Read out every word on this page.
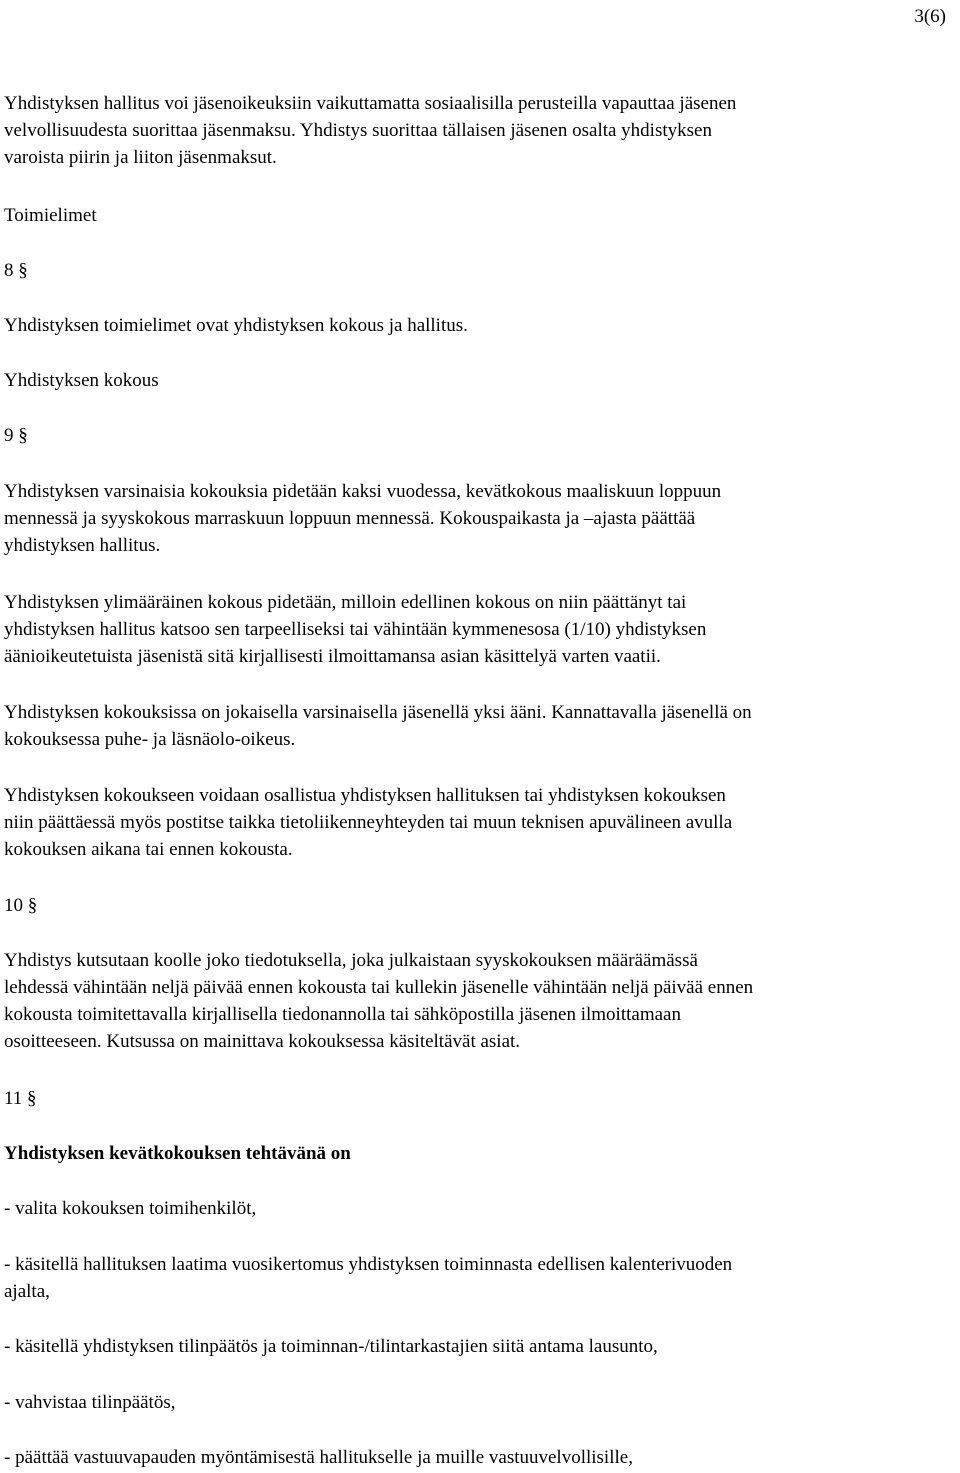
3(6)

Yhdistyksen hallitus voi jäsenoikeuksiin vaikuttamatta sosiaalisilla perusteilla vapauttaa jäsenen
velvollisuudesta suorittaa jäsenmaksu. Yhdistys suorittaa tällaisen jäsenen osalta yhdistyksen
varoista piirin ja liiton jäsenmaksut.

Toimielimet

8 §

Yhdistyksen toimielimet ovat yhdistyksen kokous ja hallitus.

Yhdistyksen kokous

9 §

Yhdistyksen varsinaisia kokouksia pidetään kaksi vuodessa, kevätkokous maaliskuun loppuun
mennessä ja syyskokous marraskuun loppuun mennessä. Kokouspaikasta ja –ajasta päättää
yhdistyksen hallitus.

Yhdistyksen ylimääräinen kokous pidetään, milloin edellinen kokous on niin päättänyt tai
yhdistyksen hallitus katsoo sen tarpeelliseksi tai vähintään kymmenesosa (1/10) yhdistyksen
äänioikeutetuista jäsenistä sitä kirjallisesti ilmoittamansa asian käsittelyä varten vaatii.

Yhdistyksen kokouksissa on jokaisella varsinaisella jäsenellä yksi ääni. Kannattavalla jäsenellä on
kokouksessa puhe- ja läsnäolo-oikeus.

Yhdistyksen kokoukseen voidaan osallistua yhdistyksen hallituksen tai yhdistyksen kokouksen
niin päättäessä myös postitse taikka tietoliikenneyhteyden tai muun teknisen apuvälineen avulla
kokouksen aikana tai ennen kokousta.

10 §

Yhdistys kutsutaan koolle joko tiedotuksella, joka julkaistaan syyskokouksen määräämässä
lehdessä vähintään neljä päivää ennen kokousta tai kullekin jäsenelle vähintään neljä päivää ennen
kokousta toimitettavalla kirjallisella tiedonannolla tai sähköpostilla jäsenen ilmoittamaan
osoitteeseen. Kutsussa on mainittava kokouksessa käsiteltävät asiat.

11 §

Yhdistyksen kevätkokouksen tehtävänä on

- valita kokouksen toimihenkilöt,

- käsitellä hallituksen laatima vuosikertomus yhdistyksen toiminnasta edellisen kalenterivuoden
ajalta,

- käsitellä yhdistyksen tilinpäätös ja toiminnan-/tilintarkastajien siitä antama lausunto,

- vahvistaa tilinpäätös,

- päättää vastuuvapauden myöntämisestä hallitukselle ja muille vastuuvelvollisille,
